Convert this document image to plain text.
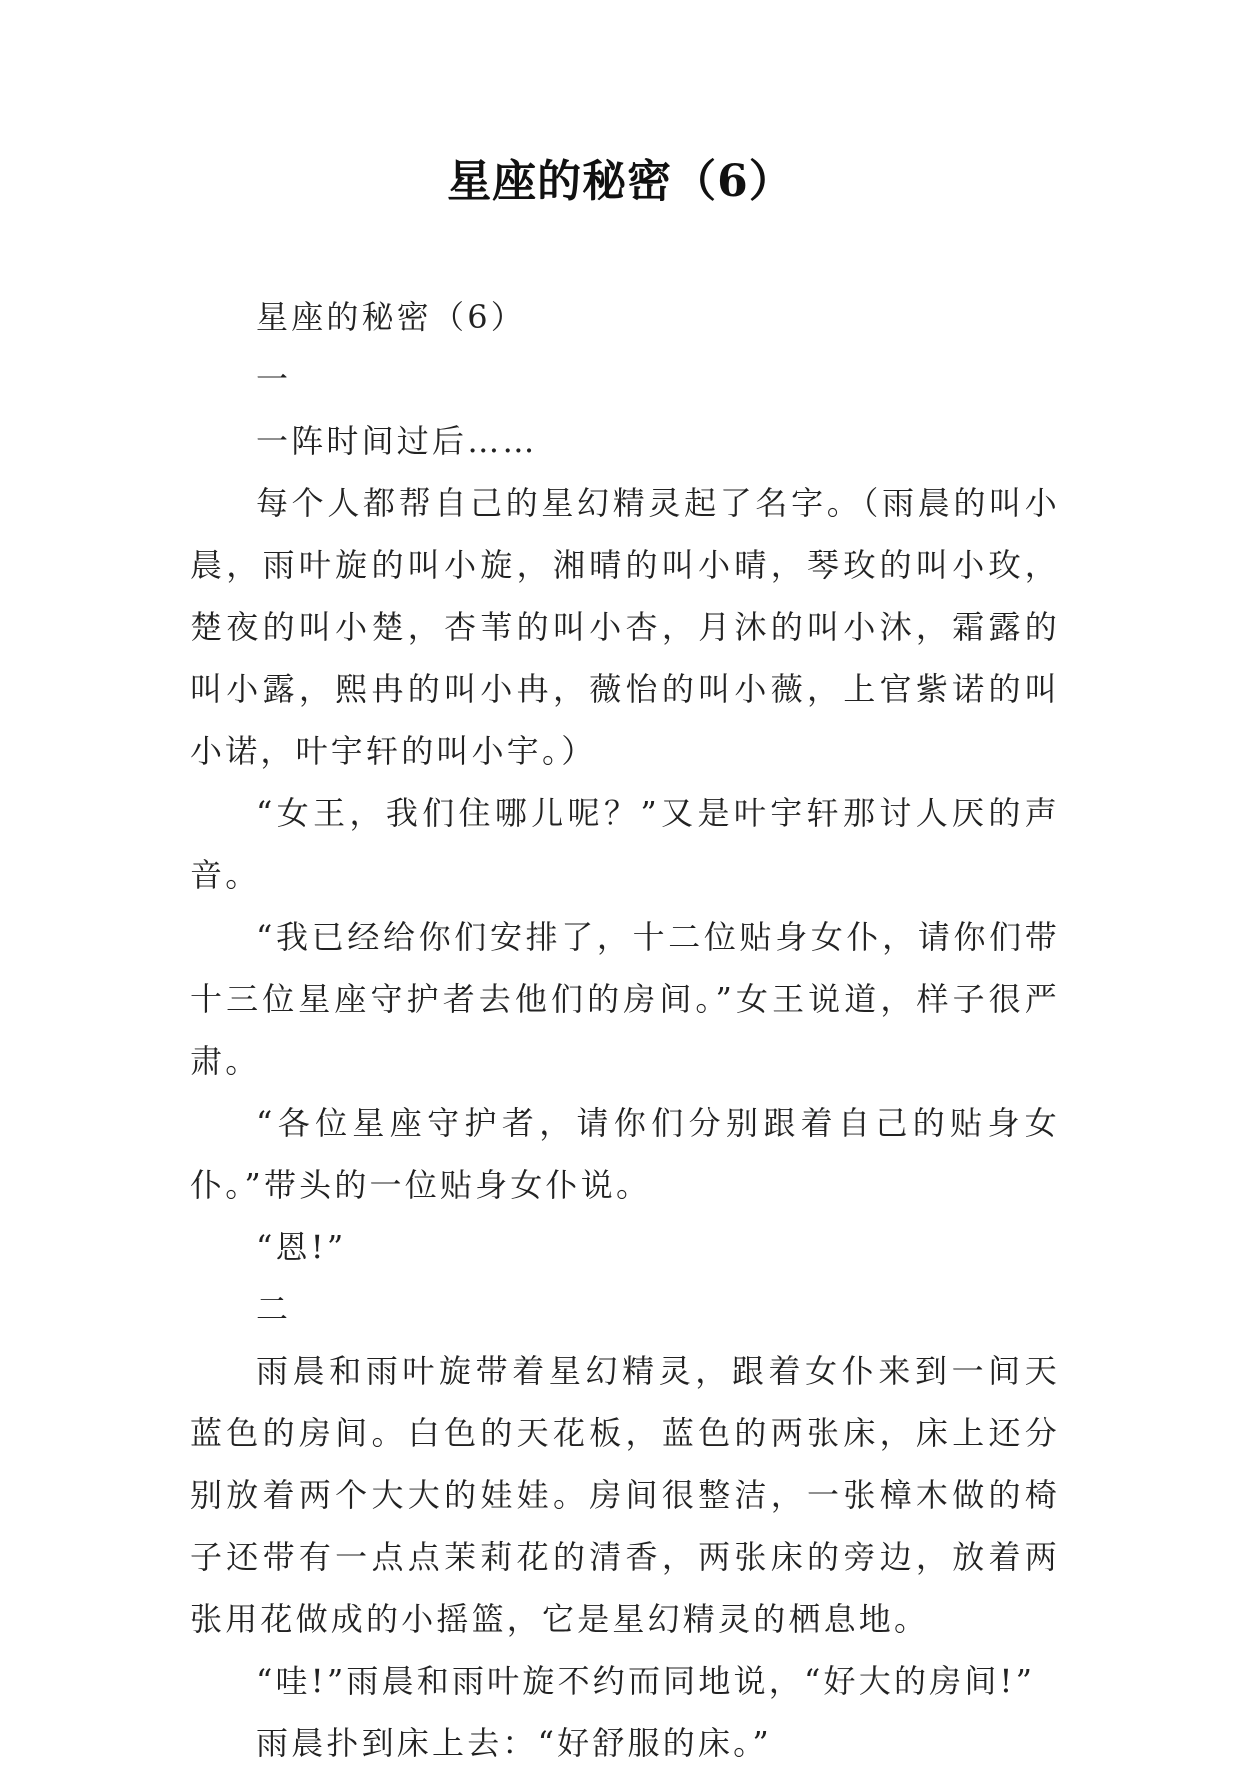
星座的秘密（6）

星座的秘密（6）

一

一阵时间过后……

每个人都帮自己的星幻精灵起了名字。（雨晨的叫小晨，雨叶旋的叫小旋，湘晴的叫小晴，琴玫的叫小玫，楚夜的叫小楚，杏苇的叫小杏，月沐的叫小沐，霜露的叫小露，熙冉的叫小冉，薇怡的叫小薇，上官紫诺的叫小诺，叶宇轩的叫小宇。）

“女王，我们住哪儿呢？”又是叶宇轩那讨人厌的声音。

“我已经给你们安排了，十二位贴身女仆，请你们带十三位星座守护者去他们的房间。”女王说道，样子很严肃。

“各位星座守护者，请你们分别跟着自己的贴身女仆。”带头的一位贴身女仆说。

“恩!”

二

雨晨和雨叶旋带着星幻精灵，跟着女仆来到一间天蓝色的房间。白色的天花板，蓝色的两张床，床上还分别放着两个大大的娃娃。房间很整洁，一张樟木做的椅子还带有一点点茉莉花的清香，两张床的旁边，放着两张用花做成的小摇篮，它是星幻精灵的栖息地。

“哇!”雨晨和雨叶旋不约而同地说，“好大的房间!”

雨晨扑到床上去：“好舒服的床。”
